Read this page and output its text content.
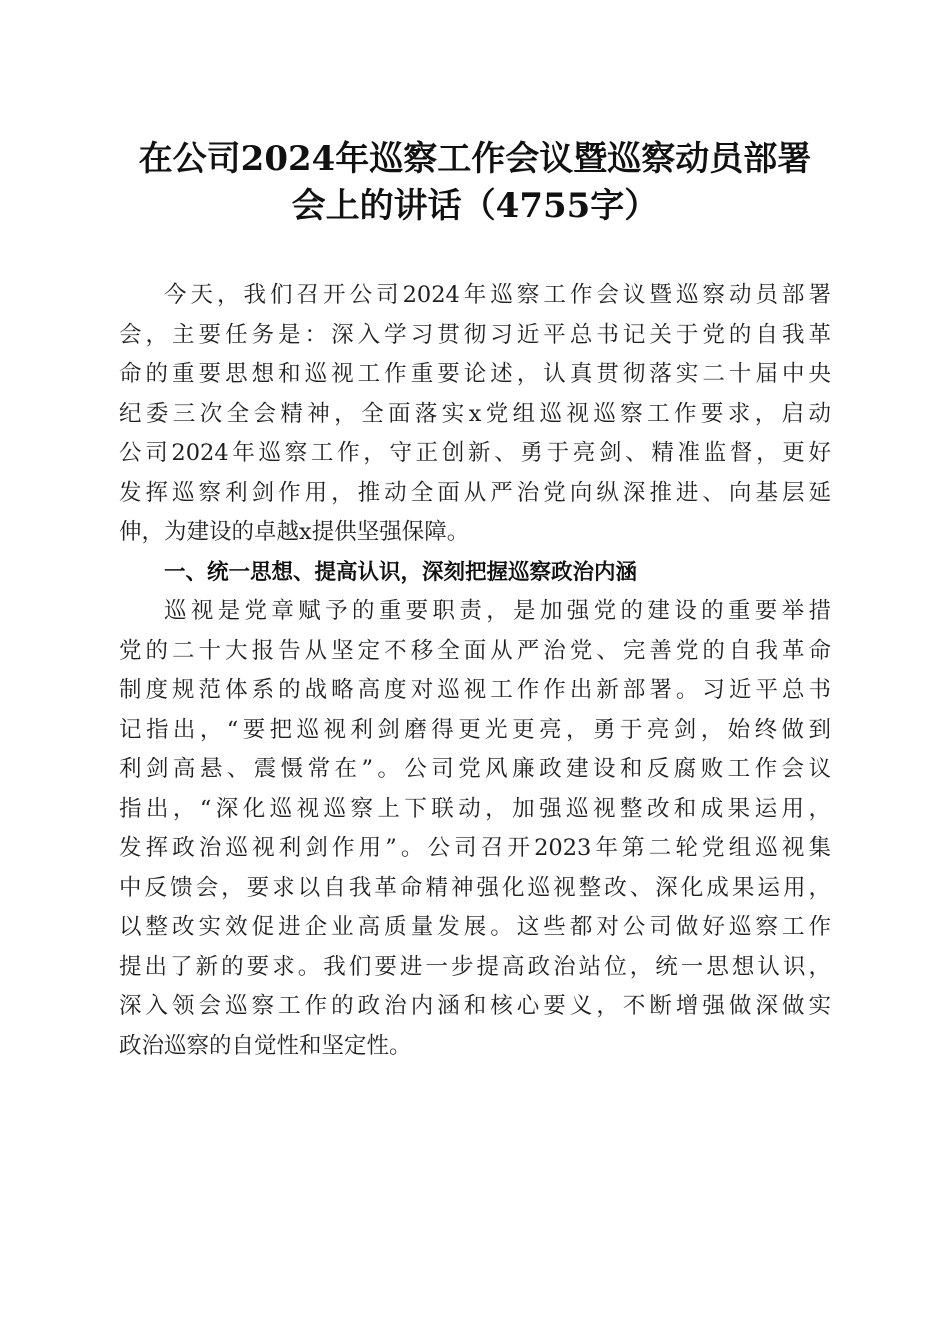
在公司2024年巡察工作会议暨巡察动员部署
会上的讲话（4755字）

今天，我们召开公司2024年巡察工作会议暨巡察动员部署
会，主要任务是：深入学习贯彻习近平总书记关于党的自我革
命的重要思想和巡视工作重要论述，认真贯彻落实二十届中央
纪委三次全会精神，全面落实x党组巡视巡察工作要求，启动
公司2024年巡察工作，守正创新、勇于亮剑、精准监督，更好
发挥巡察利剑作用，推动全面从严治党向纵深推进、向基层延
伸，为建设的卓越x提供坚强保障。

一、统一思想、提高认识，深刻把握巡察政治内涵

巡视是党章赋予的重要职责，是加强党的建设的重要举措
党的二十大报告从坚定不移全面从严治党、完善党的自我革命
制度规范体系的战略高度对巡视工作作出新部署。习近平总书
记指出，“要把巡视利剑磨得更光更亮，勇于亮剑，始终做到
利剑高悬、震慑常在”。公司党风廉政建设和反腐败工作会议
指出，“深化巡视巡察上下联动，加强巡视整改和成果运用，
发挥政治巡视利剑作用”。公司召开2023年第二轮党组巡视集
中反馈会，要求以自我革命精神强化巡视整改、深化成果运用，
以整改实效促进企业高质量发展。这些都对公司做好巡察工作
提出了新的要求。我们要进一步提高政治站位，统一思想认识，
深入领会巡察工作的政治内涵和核心要义，不断增强做深做实
政治巡察的自觉性和坚定性。
